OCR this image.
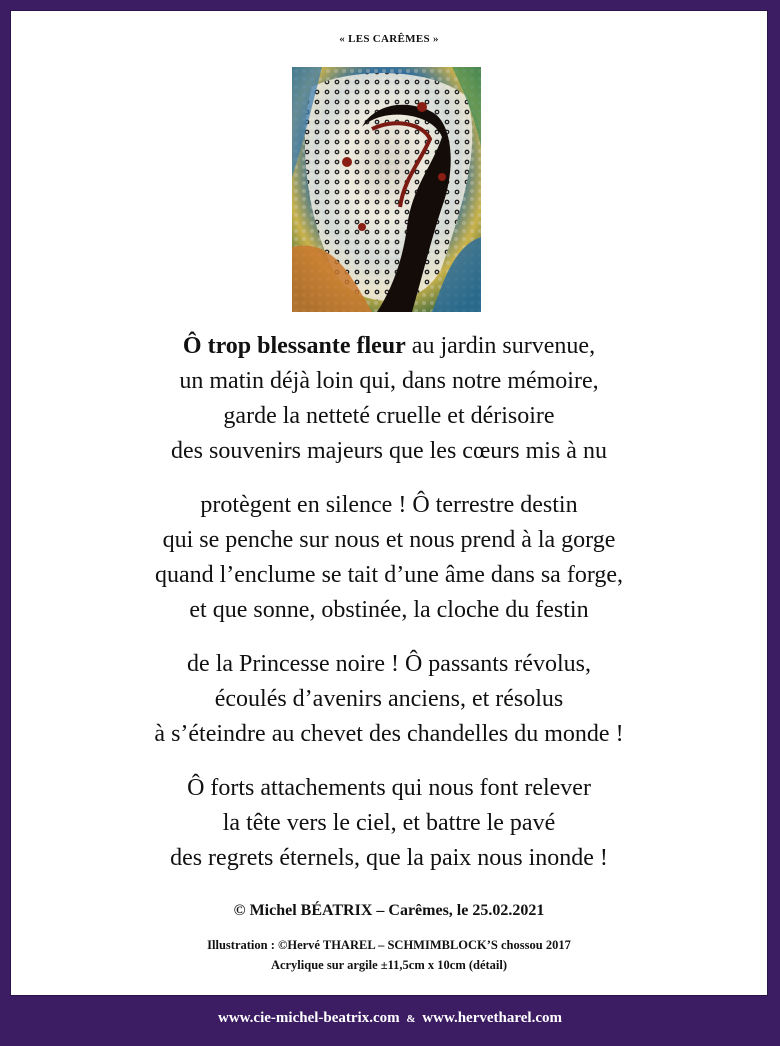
« LES CARÊMES »
Ô trop blessante fleur au jardin survenue,
un matin déjà loin qui, dans notre mémoire,
garde la netteté cruelle et dérisoire
des souvenirs majeurs que les cœurs mis à nu
protègent en silence ! Ô terrestre destin
qui se penche sur nous et nous prend à la gorge
quand l’enclume se tait d’une âme dans sa forge,
et que sonne, obstinée, la cloche du festin
de la Princesse noire ! Ô passants révolus,
écoulés d’avenirs anciens, et résolus
à s’éteindre au chevet des chandelles du monde !
Ô forts attachements qui nous font relever
la tête vers le ciel, et battre le pavé
des regrets éternels, que la paix nous inonde !
© Michel BÉATRIX – Carêmes, le 25.02.2021
Illustration : ©Hervé THAREL – SCHMIMBLOCK’S chossou 2017
Acrylique sur argile ±11,5cm x 10cm (détail)
www.cie-michel-beatrix.com & www.hervetharel.com
